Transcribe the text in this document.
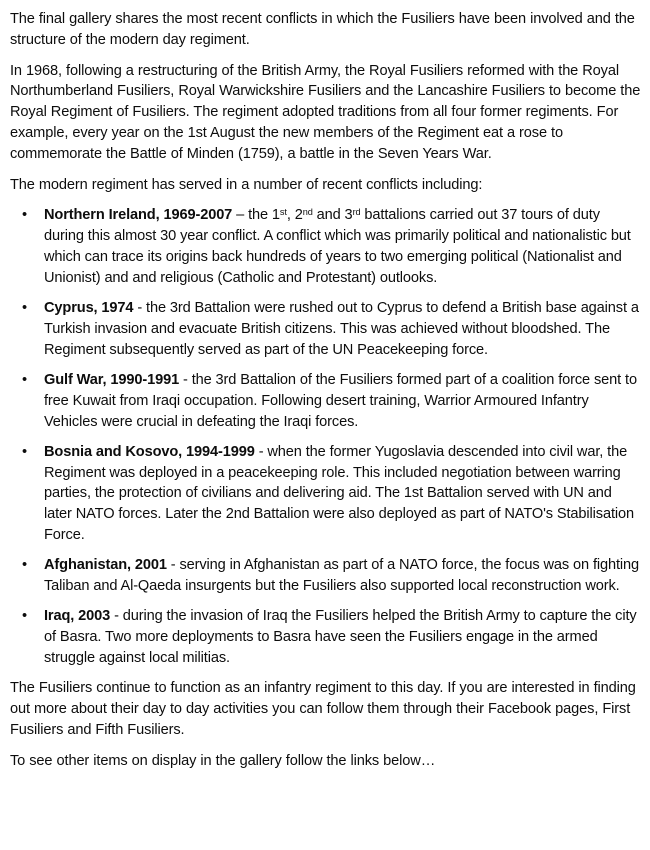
The final gallery shares the most recent conflicts in which the Fusiliers have been involved and the structure of the modern day regiment.

In 1968, following a restructuring of the British Army, the Royal Fusiliers reformed with the Royal Northumberland Fusiliers, Royal Warwickshire Fusiliers and the Lancashire Fusiliers to become the Royal Regiment of Fusiliers. The regiment adopted traditions from all four former regiments. For example, every year on the 1st August the new members of the Regiment eat a rose to commemorate the Battle of Minden (1759), a battle in the Seven Years War.

The modern regiment has served in a number of recent conflicts including:

• Northern Ireland, 1969-2007 – the 1st, 2nd and 3rd battalions carried out 37 tours of duty during this almost 30 year conflict. A conflict which was primarily political and nationalistic but which can trace its origins back hundreds of years to two emerging political (Nationalist and Unionist) and and religious (Catholic and Protestant) outlooks.
• Cyprus, 1974 - the 3rd Battalion were rushed out to Cyprus to defend a British base against a Turkish invasion and evacuate British citizens. This was achieved without bloodshed. The Regiment subsequently served as part of the UN Peacekeeping force.
• Gulf War, 1990-1991 - the 3rd Battalion of the Fusiliers formed part of a coalition force sent to free Kuwait from Iraqi occupation. Following desert training, Warrior Armoured Infantry Vehicles were crucial in defeating the Iraqi forces.
• Bosnia and Kosovo, 1994-1999 - when the former Yugoslavia descended into civil war, the Regiment was deployed in a peacekeeping role. This included negotiation between warring parties, the protection of civilians and delivering aid. The 1st Battalion served with UN and later NATO forces. Later the 2nd Battalion were also deployed as part of NATO's Stabilisation Force.
• Afghanistan, 2001 - serving in Afghanistan as part of a NATO force, the focus was on fighting Taliban and Al-Qaeda insurgents but the Fusiliers also supported local reconstruction work.
• Iraq, 2003 - during the invasion of Iraq the Fusiliers helped the British Army to capture the city of Basra. Two more deployments to Basra have seen the Fusiliers engage in the armed struggle against local militias.

The Fusiliers continue to function as an infantry regiment to this day. If you are interested in finding out more about their day to day activities you can follow them through their Facebook pages, First Fusiliers and Fifth Fusiliers.

To see other items on display in the gallery follow the links below…
